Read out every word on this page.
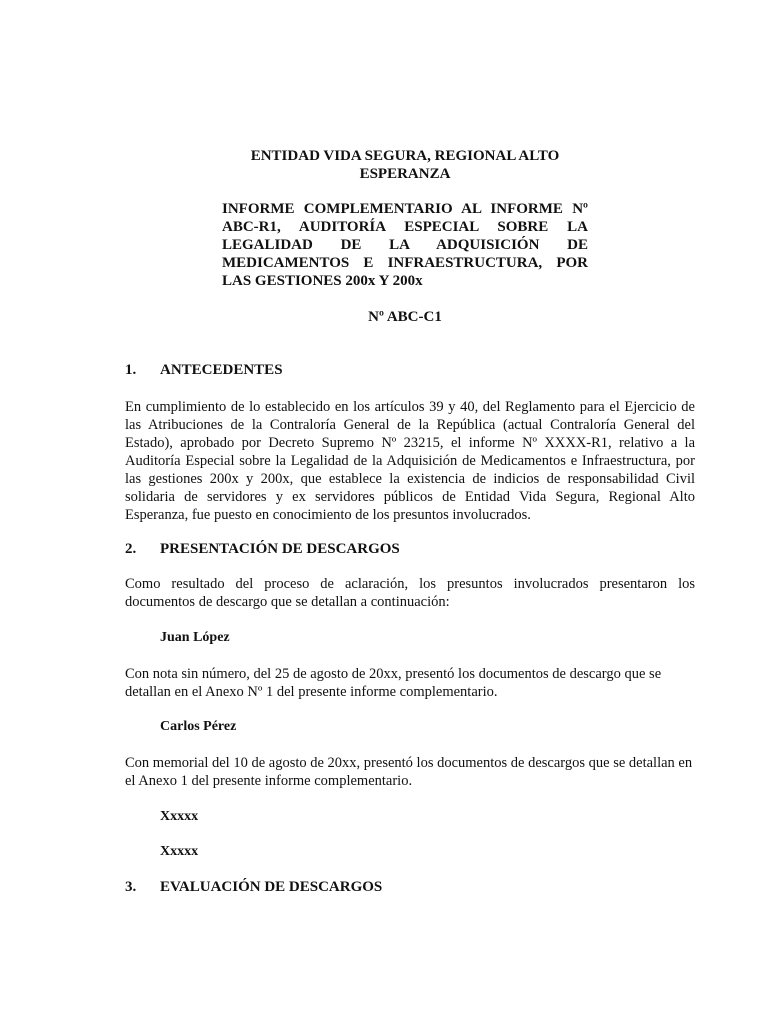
ENTIDAD VIDA SEGURA, REGIONAL ALTO ESPERANZA

INFORME COMPLEMENTARIO AL INFORME Nº ABC-R1, AUDITORÍA ESPECIAL SOBRE LA LEGALIDAD DE LA ADQUISICIÓN DE MEDICAMENTOS E INFRAESTRUCTURA, POR LAS GESTIONES 200x Y 200x

Nº ABC-C1

1. ANTECEDENTES

En cumplimiento de lo establecido en los artículos 39 y 40, del Reglamento para el Ejercicio de las Atribuciones de la Contraloría General de la República (actual Contraloría General del Estado), aprobado por Decreto Supremo Nº 23215, el informe Nº XXXX-R1, relativo a la Auditoría Especial sobre la Legalidad de la Adquisición de Medicamentos e Infraestructura, por las gestiones 200x y 200x, que establece la existencia de indicios de responsabilidad Civil solidaria de servidores y ex servidores públicos de Entidad Vida Segura, Regional Alto Esperanza, fue puesto en conocimiento de los presuntos involucrados.

2. PRESENTACIÓN DE DESCARGOS

Como resultado del proceso de aclaración, los presuntos involucrados presentaron los documentos de descargo que se detallan a continuación:

Juan López

Con nota sin número, del 25 de agosto de 20xx, presentó los documentos de descargo que se detallan en el Anexo Nº 1 del presente informe complementario.

Carlos Pérez

Con memorial del 10 de agosto de 20xx, presentó los documentos de descargos que se detallan en el Anexo 1 del presente informe complementario.

Xxxxx

Xxxxx

3. EVALUACIÓN DE DESCARGOS
